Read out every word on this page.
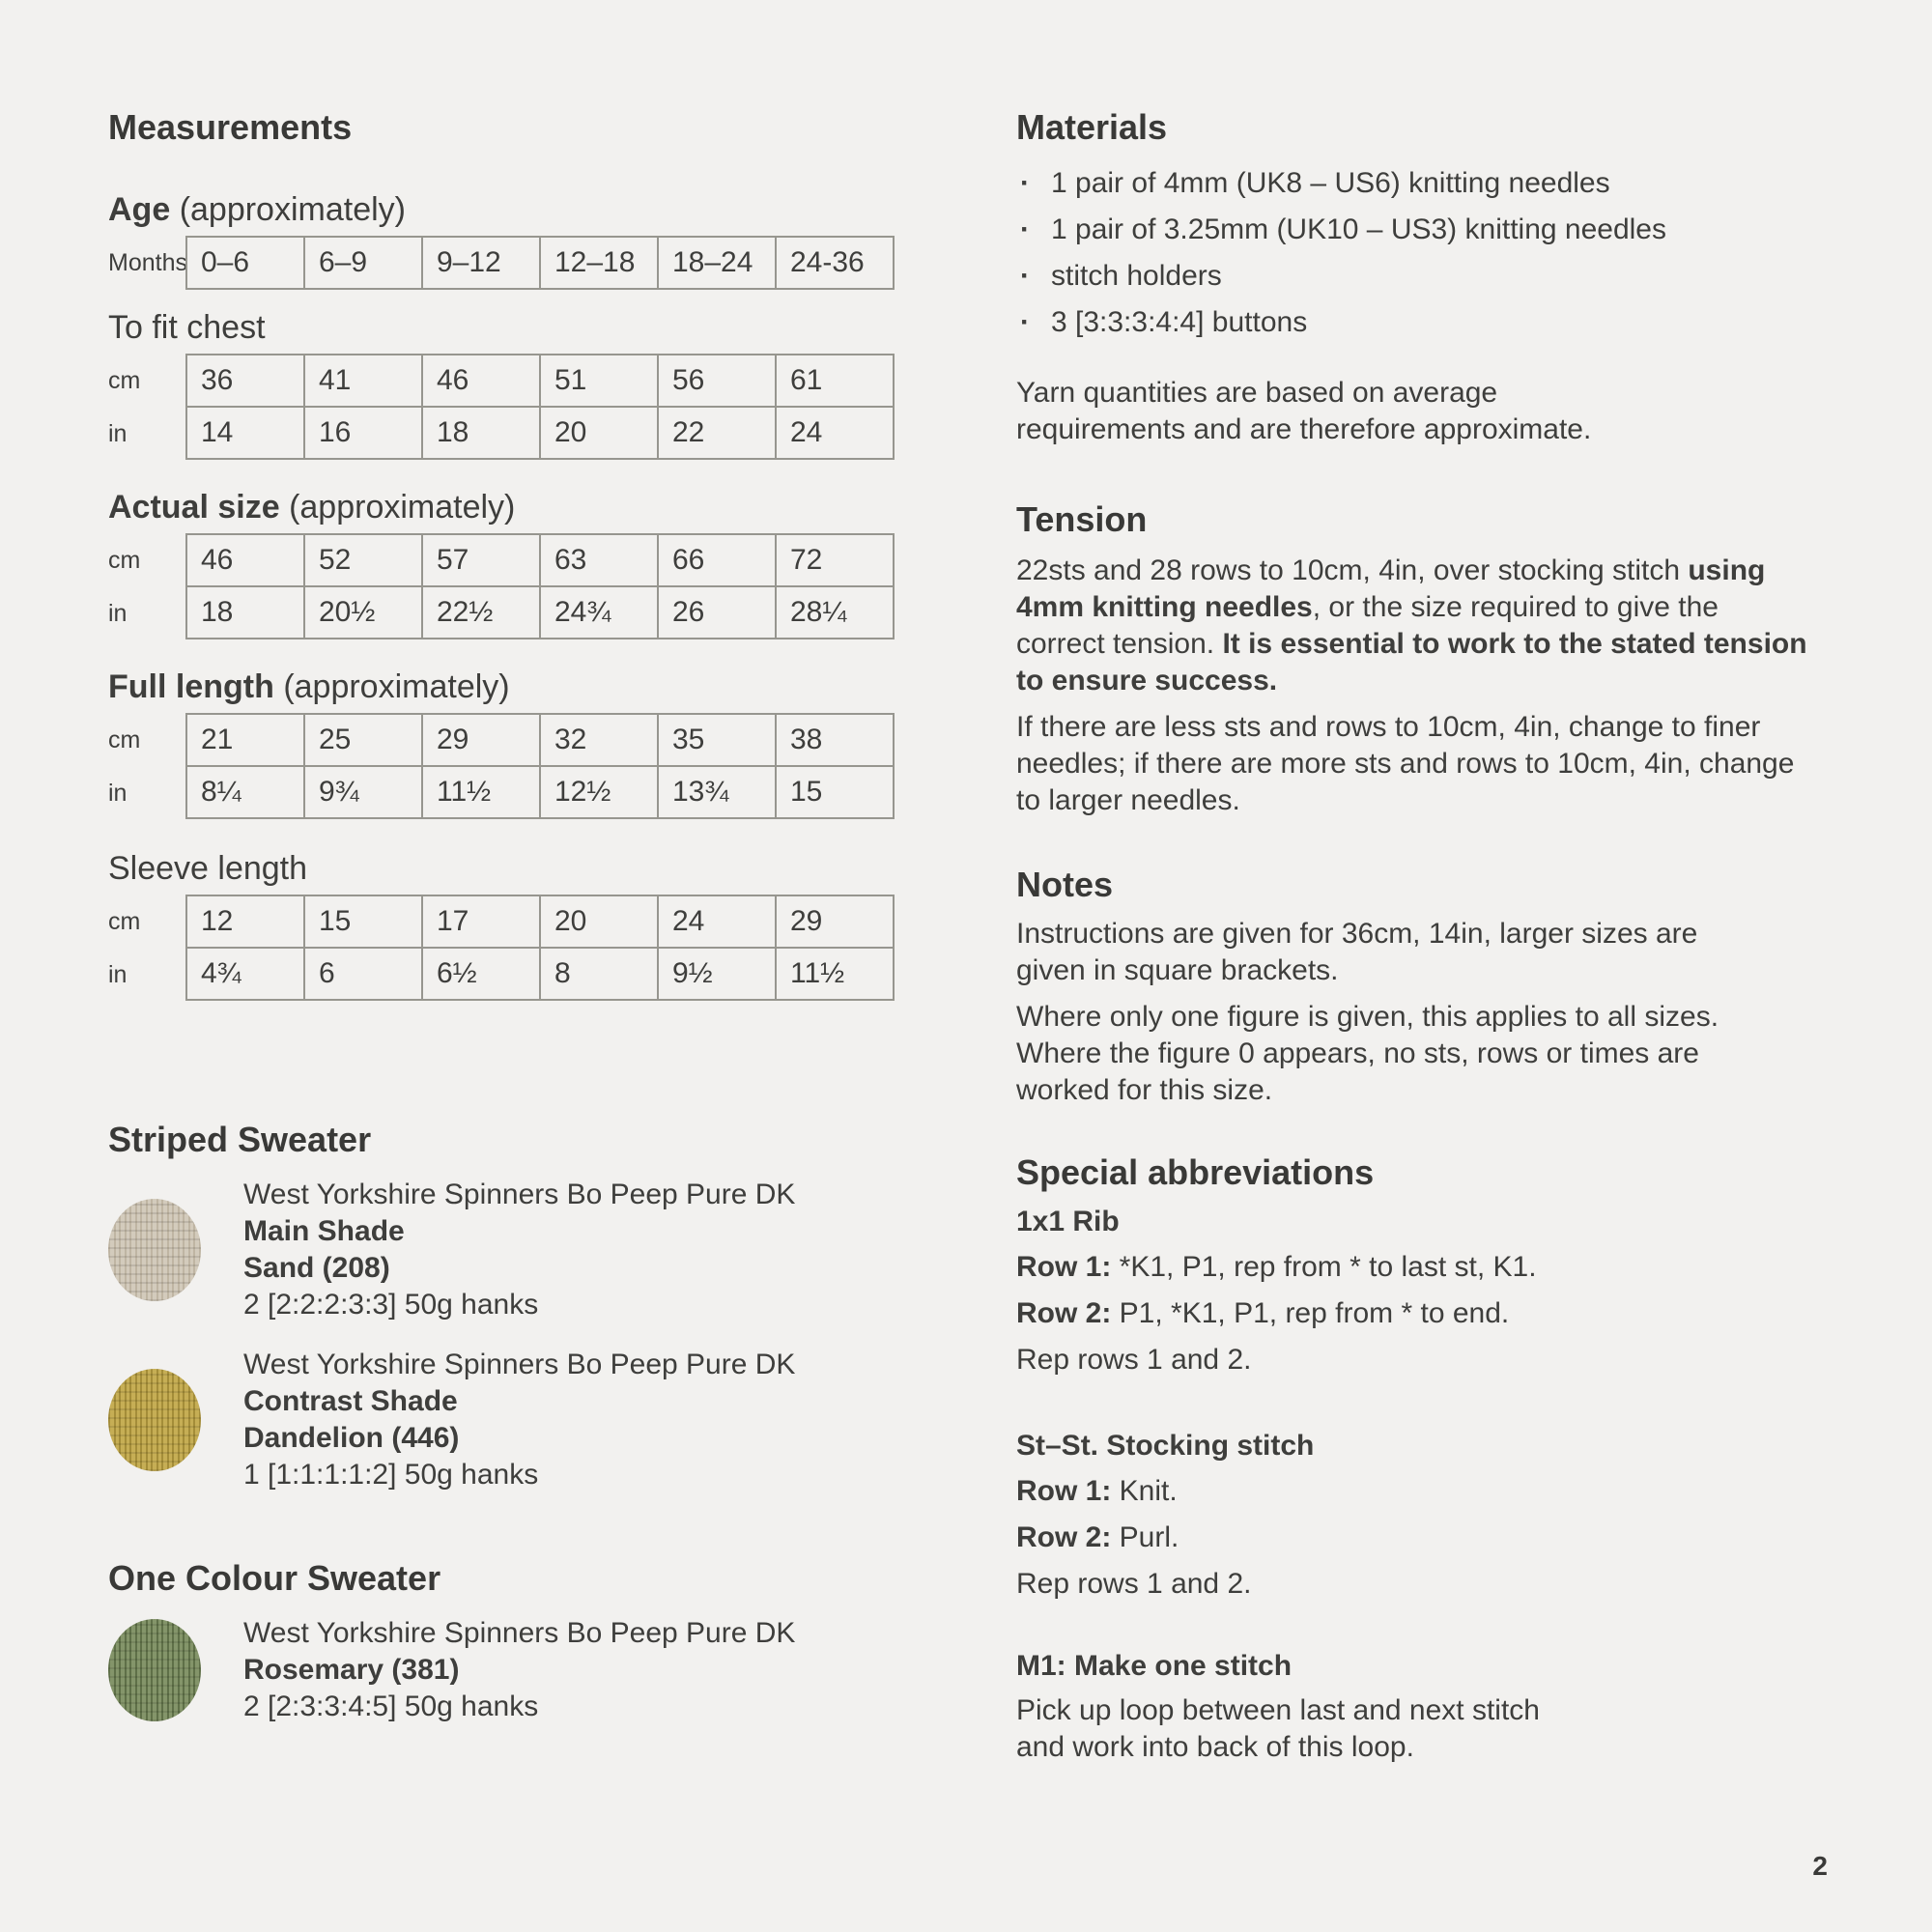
Measurements
Age (approximately)
Months 0–6	6–9	9–12	12–18	18–24	24-36
To fit chest
cm	36	41	46	51	56	61
in	14	16	18	20	22	24
Actual size (approximately)
cm	46	52	57	63	66	72
in	18	20½	22½	24¾	26	28¼
Full length (approximately)
cm	21	25	29	32	35	38
in	8¼	9¾	11½	12½	13¾	15
Sleeve length
cm	12	15	17	20	24	29
in	4¾	6	6½	8	9½	11½
Striped Sweater
West Yorkshire Spinners Bo Peep Pure DK
Main Shade
Sand (208)
2 [2:2:2:3:3] 50g hanks
West Yorkshire Spinners Bo Peep Pure DK
Contrast Shade
Dandelion (446)
1 [1:1:1:1:2] 50g hanks
One Colour Sweater
West Yorkshire Spinners Bo Peep Pure DK
Rosemary (381)
2 [2:3:3:4:5] 50g hanks
Materials
· 1 pair of 4mm (UK8 – US6) knitting needles
· 1 pair of 3.25mm (UK10 – US3) knitting needles
· stitch holders
· 3 [3:3:3:4:4] buttons

Yarn quantities are based on average
requirements and are therefore approximate.

Tension

22sts and 28 rows to 10cm, 4in, over stocking stitch using
4mm knitting needles, or the size required to give the
correct tension. It is essential to work to the stated tension
to ensure success.

If there are less sts and rows to 10cm, 4in, change to finer
needles; if there are more sts and rows to 10cm, 4in, change
to larger needles.

Notes

Instructions are given for 36cm, 14in, larger sizes are
given in square brackets.

Where only one figure is given, this applies to all sizes.
Where the figure 0 appears, no sts, rows or times are
worked for this size.

Special abbreviations
1x1 Rib
Row 1: *K1, P1, rep from * to last st, K1.
Row 2: P1, *K1, P1, rep from * to end.
Rep rows 1 and 2.
St–St. Stocking stitch
Row 1: Knit.
Row 2: Purl.
Rep rows 1 and 2.
M1: Make one stitch

Pick up loop between last and next stitch
and work into back of this loop.

2
